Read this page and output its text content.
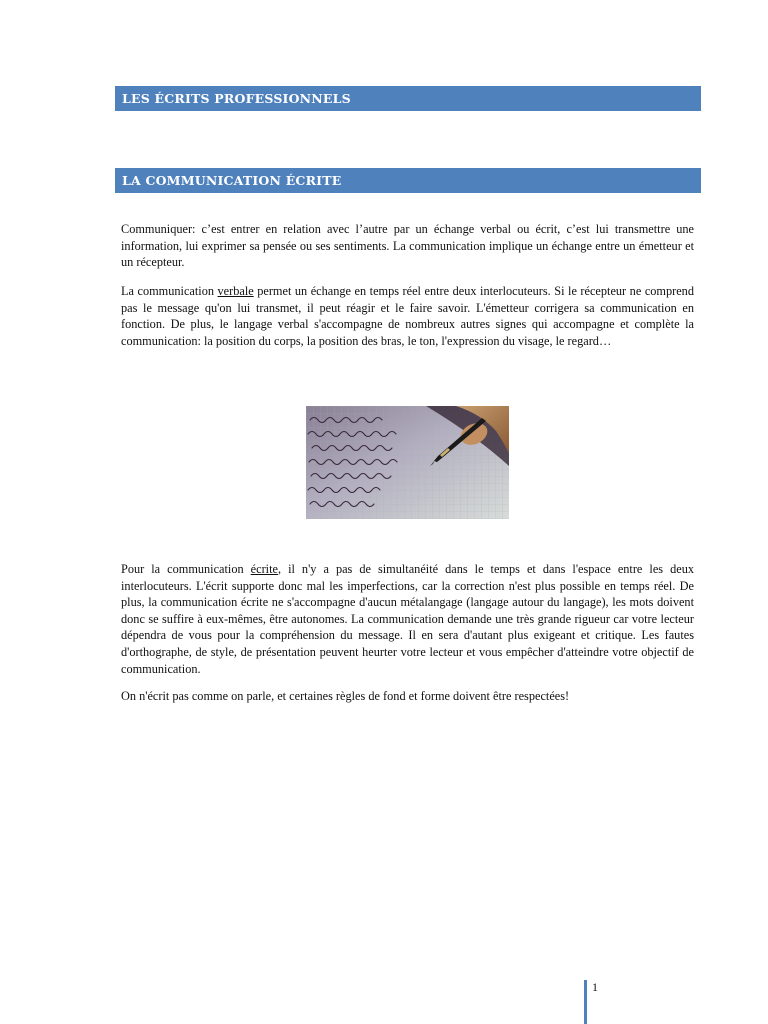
LES ÉCRITS PROFESSIONNELS
LA COMMUNICATION ÉCRITE

Communiquer: c’est entrer en relation avec l’autre par un échange verbal ou écrit, c’est lui transmettre une information, lui exprimer sa pensée ou ses sentiments. La communication implique un échange entre un émetteur et un récepteur.

La communication verbale permet un échange en temps réel entre deux interlocuteurs. Si le récepteur ne comprend pas le message qu'on lui transmet, il peut réagir et le faire savoir. L'émetteur corrigera sa communication en fonction. De plus, le langage verbal s'accompagne de nombreux autres signes qui accompagne et complète la communication: la position du corps, la position des bras, le ton, l'expression du visage, le regard…

Pour la communication écrite, il n'y a pas de simultanéité dans le temps et dans l'espace entre les deux interlocuteurs. L'écrit supporte donc mal les imperfections, car la correction n'est plus possible en temps réel. De plus, la communication écrite ne s'accompagne d'aucun métalangage (langage autour du langage), les mots doivent donc se suffire à eux-mêmes, être autonomes. La communication demande une très grande rigueur car votre lecteur dépendra de vous pour la compréhension du message. Il en sera d'autant plus exigeant et critique. Les fautes d'orthographe, de style, de présentation peuvent heurter votre lecteur et vous empêcher d'atteindre votre objectif de communication.

On n'écrit pas comme on parle, et certaines règles de fond et forme doivent être respectées!

1
